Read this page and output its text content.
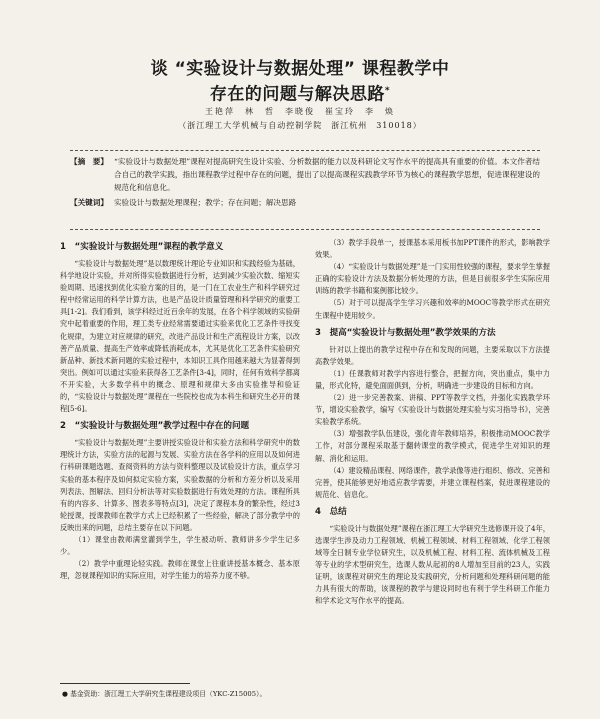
谈 “实验设计与数据处理” 课程教学中
存在的问题与解决思路*
王艳萍　林　哲　李晓俊　崔宝玲　李　焕
（浙江理工大学机械与自动控制学院　浙江杭州　310018）
【摘　要】 “实验设计与数据处理”课程对提高研究生设计实验、分析数据的能力以及科研论文写作水平的提高具有重要的价值。本文作者结合自己的教学实践，指出课程教学过程中存在的问题，提出了以提高课程实践教学环节为核心的课程教学思想，促进课程建设的规范化和信息化。
【关键词】 实验设计与数据处理课程；教学；存在问题；解决思路
1　“实验设计与数据处理”课程的教学意义

“实验设计与数据处理”是以数理统计理论专业知识和实践经验为基础，科学地设计实验，并对所得实验数据进行分析，达到减少实验次数、缩短实验周期、迅速找到优化实验方案的目的，是一门在工农业生产和科学研究过程中经常运用的科学计算方法，也是产品设计质量管理和科学研究的重要工具[1-2]。我们看到，该学科经过近百余年的发展，在各个科学领域的实验研究中起着重要的作用，理工类专业经常需要通过实验来优化工艺条件寻找变化规律，为建立对应规律的研究，改进产品设计和生产流程设计方案，以改善产品质量、提高生产效率或降低消耗成本，尤其是优化工艺条件实验研究新品种、新技术新问题的实验过程中，本知识工具作用越来越大为显著得到突出。例如可以通过实验来获得各工艺条件[3-4]，同时，任何有效科学都离不开实验，大多数学科中的概念、原理和规律大多由实验推导和验证的，“实验设计与数据处理”课程在一些院校也成为本科生和研究生必开的课程[5-6]。

2　“实验设计与数据处理”教学过程中存在的问题

“实验设计与数据处理”主要讲授实验设计和实验方法和科学研究中的数理统计方法，实验方法的起源与发展、实验方法在各学科的应用以及如何进行科研课题选题、查阅资料的方法与资料整理以及试验设计方法，重点学习实验的基本程序及如何拟定实验方案，实验数据的分析和方差分析以及采用列表法、图解法、回归分析法等对实验数据进行有效处理的方法。课程所具有的内容多、计算多、图表多等特点[3]，决定了课程本身的繁杂性，经过3轮授课，授课教师在教学方式上已经积累了一些经验，解决了部分教学中的反映出来的问题，总结主要存在以下问题。

（1）课堂由教师满堂灌到学生，学生被动听、教师讲多少学生记多少。

（2）教学中重理论轻实践。教师在课堂上往重讲授基本概念、基本原理，忽视课程知识的实际应用，对学生能力的培养力度不够。

（3）教学手段单一，授课基本采用板书加PPT课件的形式，影响教学效果。

（4）“实验设计与数据处理”是一门实用性较强的课程，要求学生掌握正确的实验设计方法及数据分析处理的方法，但是目前很多学生实际应用训练的教学书籍和案例都比较少。

（5）对于可以提高学生学习兴趣和效率的MOOC等教学形式在研究生课程中使用较少。

3　提高“实验设计与数据处理”教学效果的方法

针对以上提出的教学过程中存在和发现的问题，主要采取以下方法提高教学效果。

（1）任课教师对教学内容进行整合，把握方向，突出重点，集中力量，形式化特，避免面面俱到，分析，明确进一步建设的目标和方向。

（2）进一步完善教案、讲稿、PPT等教学文档，并强化实践教学环节，增设实验教学，编写《实验设计与数据处理实验与实习指导书》，完善实验教学系统。

（3）增强教学队伍建设，强化青年教师培养，积极推动MOOC教学工作，对部分课程采取基于翻转课堂的教学模式，促进学生对知识的理解、消化和运用。

（4）建设精品课程、网络课件，教学录像等进行组织、修改、完善和完善，使其能够更好地适应教学需要，并建立课程档案，促进课程建设的规范化、信息化。

4　总结

“实验设计与数据处理”课程在浙江理工大学研究生选修课开设了4年，选课学生涉及动力工程领域、机械工程领域、材料工程领域、化学工程领域等全日制专业学位研究生，以及机械工程、材料工程、流体机械及工程等专业的学术型研究生，选课人数从起初的8人增加至目前的23人，实践证明，该课程对研究生的理论及实践研究，分析问题和处理科研问题的能力具有很大的帮助，该课程的教学与建设同时也有利于学生科研工作能力和学术论文写作水平的提高。

● 基金资助：浙江理工大学研究生课程建设项目（YKC-Z15005）。
